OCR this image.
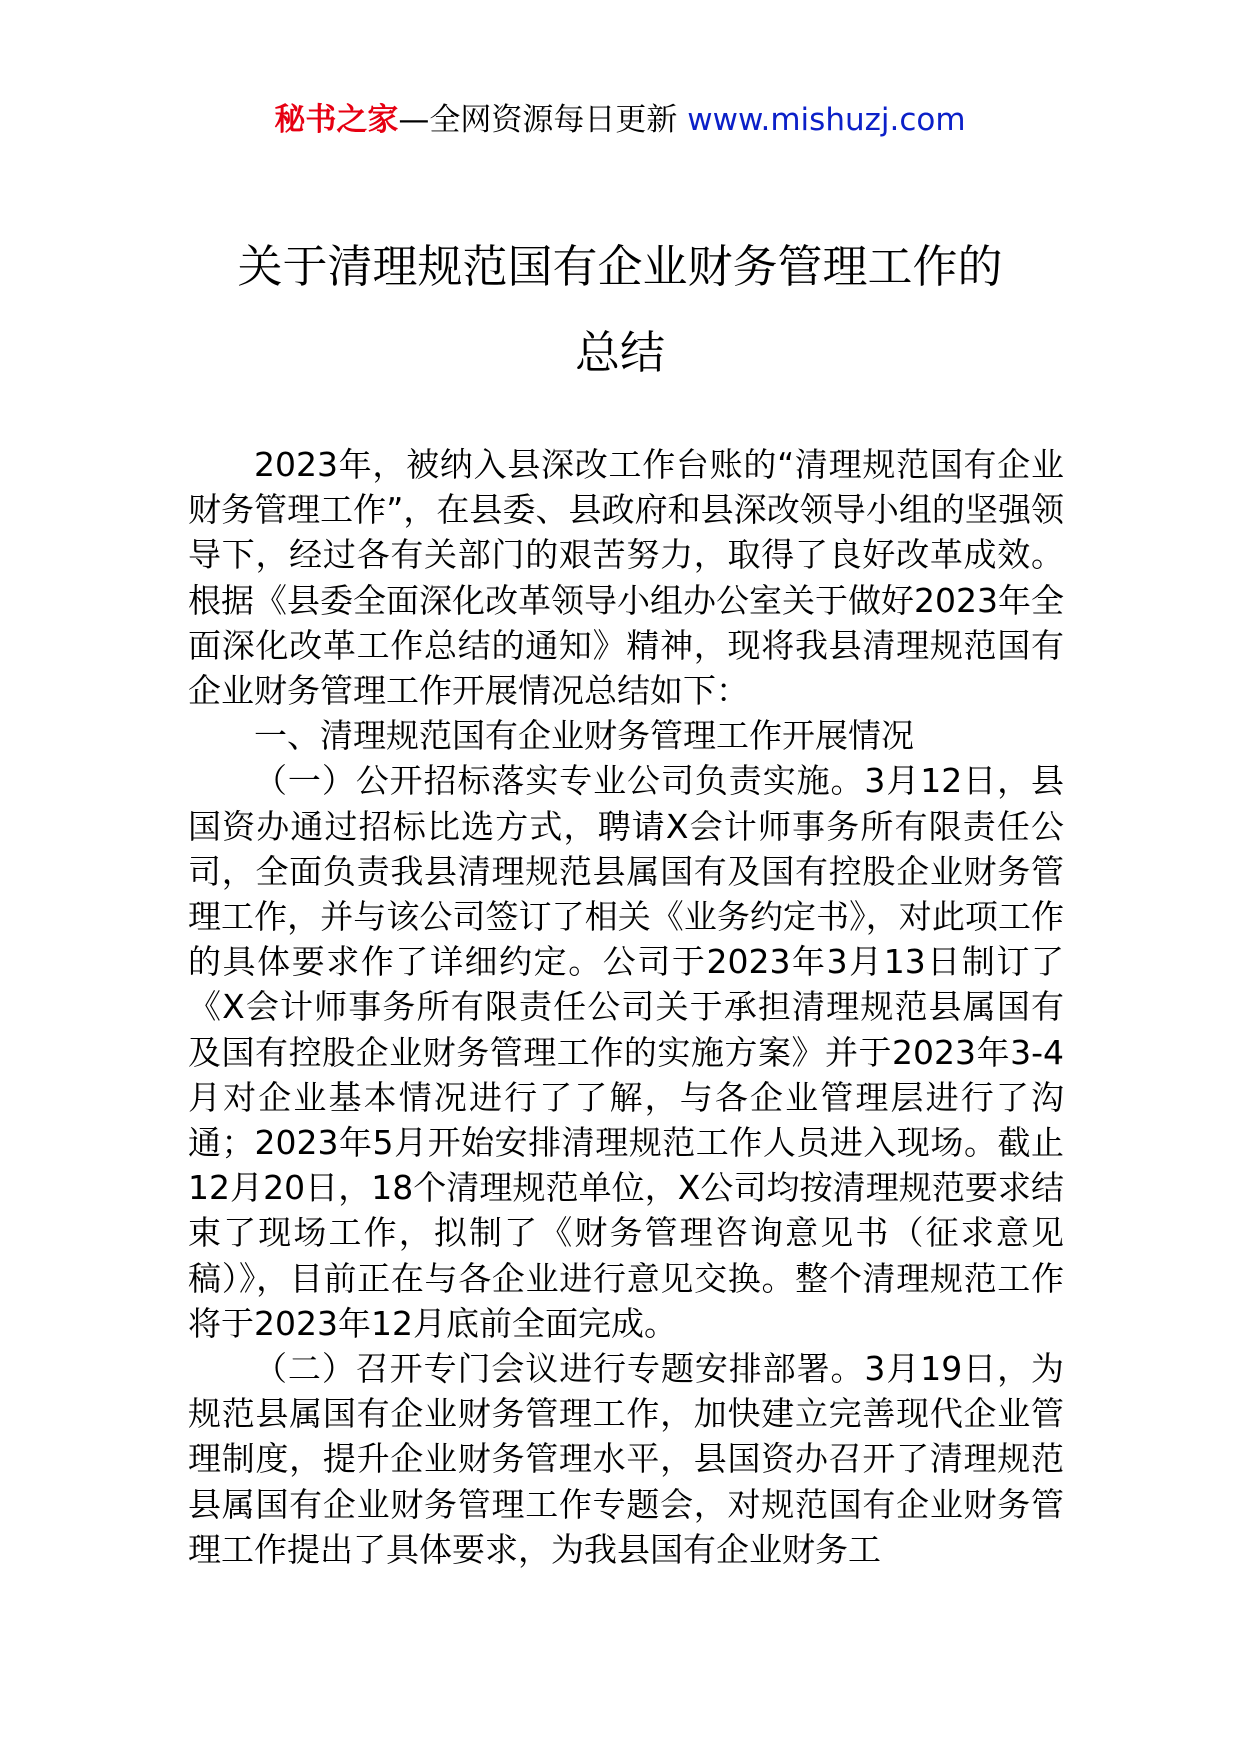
秘书之家—全网资源每日更新 www.mishuzj.com
关于清理规范国有企业财务管理工作的
总结

2023年，被纳入县深改工作台账的“清理规范国有企业财务管理工作”，在县委、县政府和县深改领导小组的坚强领导下，经过各有关部门的艰苦努力，取得了良好改革成效。根据《县委全面深化改革领导小组办公室关于做好2023年全面深化改革工作总结的通知》精神，现将我县清理规范国有企业财务管理工作开展情况总结如下：

一、清理规范国有企业财务管理工作开展情况

（一）公开招标落实专业公司负责实施。3月12日，县国资办通过招标比选方式，聘请X会计师事务所有限责任公司，全面负责我县清理规范县属国有及国有控股企业财务管理工作，并与该公司签订了相关《业务约定书》，对此项工作的具体要求作了详细约定。公司于2023年3月13日制订了《X会计师事务所有限责任公司关于承担清理规范县属国有及国有控股企业财务管理工作的实施方案》并于2023年3-4月对企业基本情况进行了了解，与各企业管理层进行了沟通；2023年5月开始安排清理规范工作人员进入现场。截止12月20日，18个清理规范单位，X公司均按清理规范要求结束了现场工作，拟制了《财务管理咨询意见书（征求意见稿）》，目前正在与各企业进行意见交换。整个清理规范工作将于2023年12月底前全面完成。

（二）召开专门会议进行专题安排部署。3月19日，为规范县属国有企业财务管理工作，加快建立完善现代企业管理制度，提升企业财务管理水平，县国资办召开了清理规范县属国有企业财务管理工作专题会，对规范国有企业财务管理工作提出了具体要求，为我县国有企业财务工
